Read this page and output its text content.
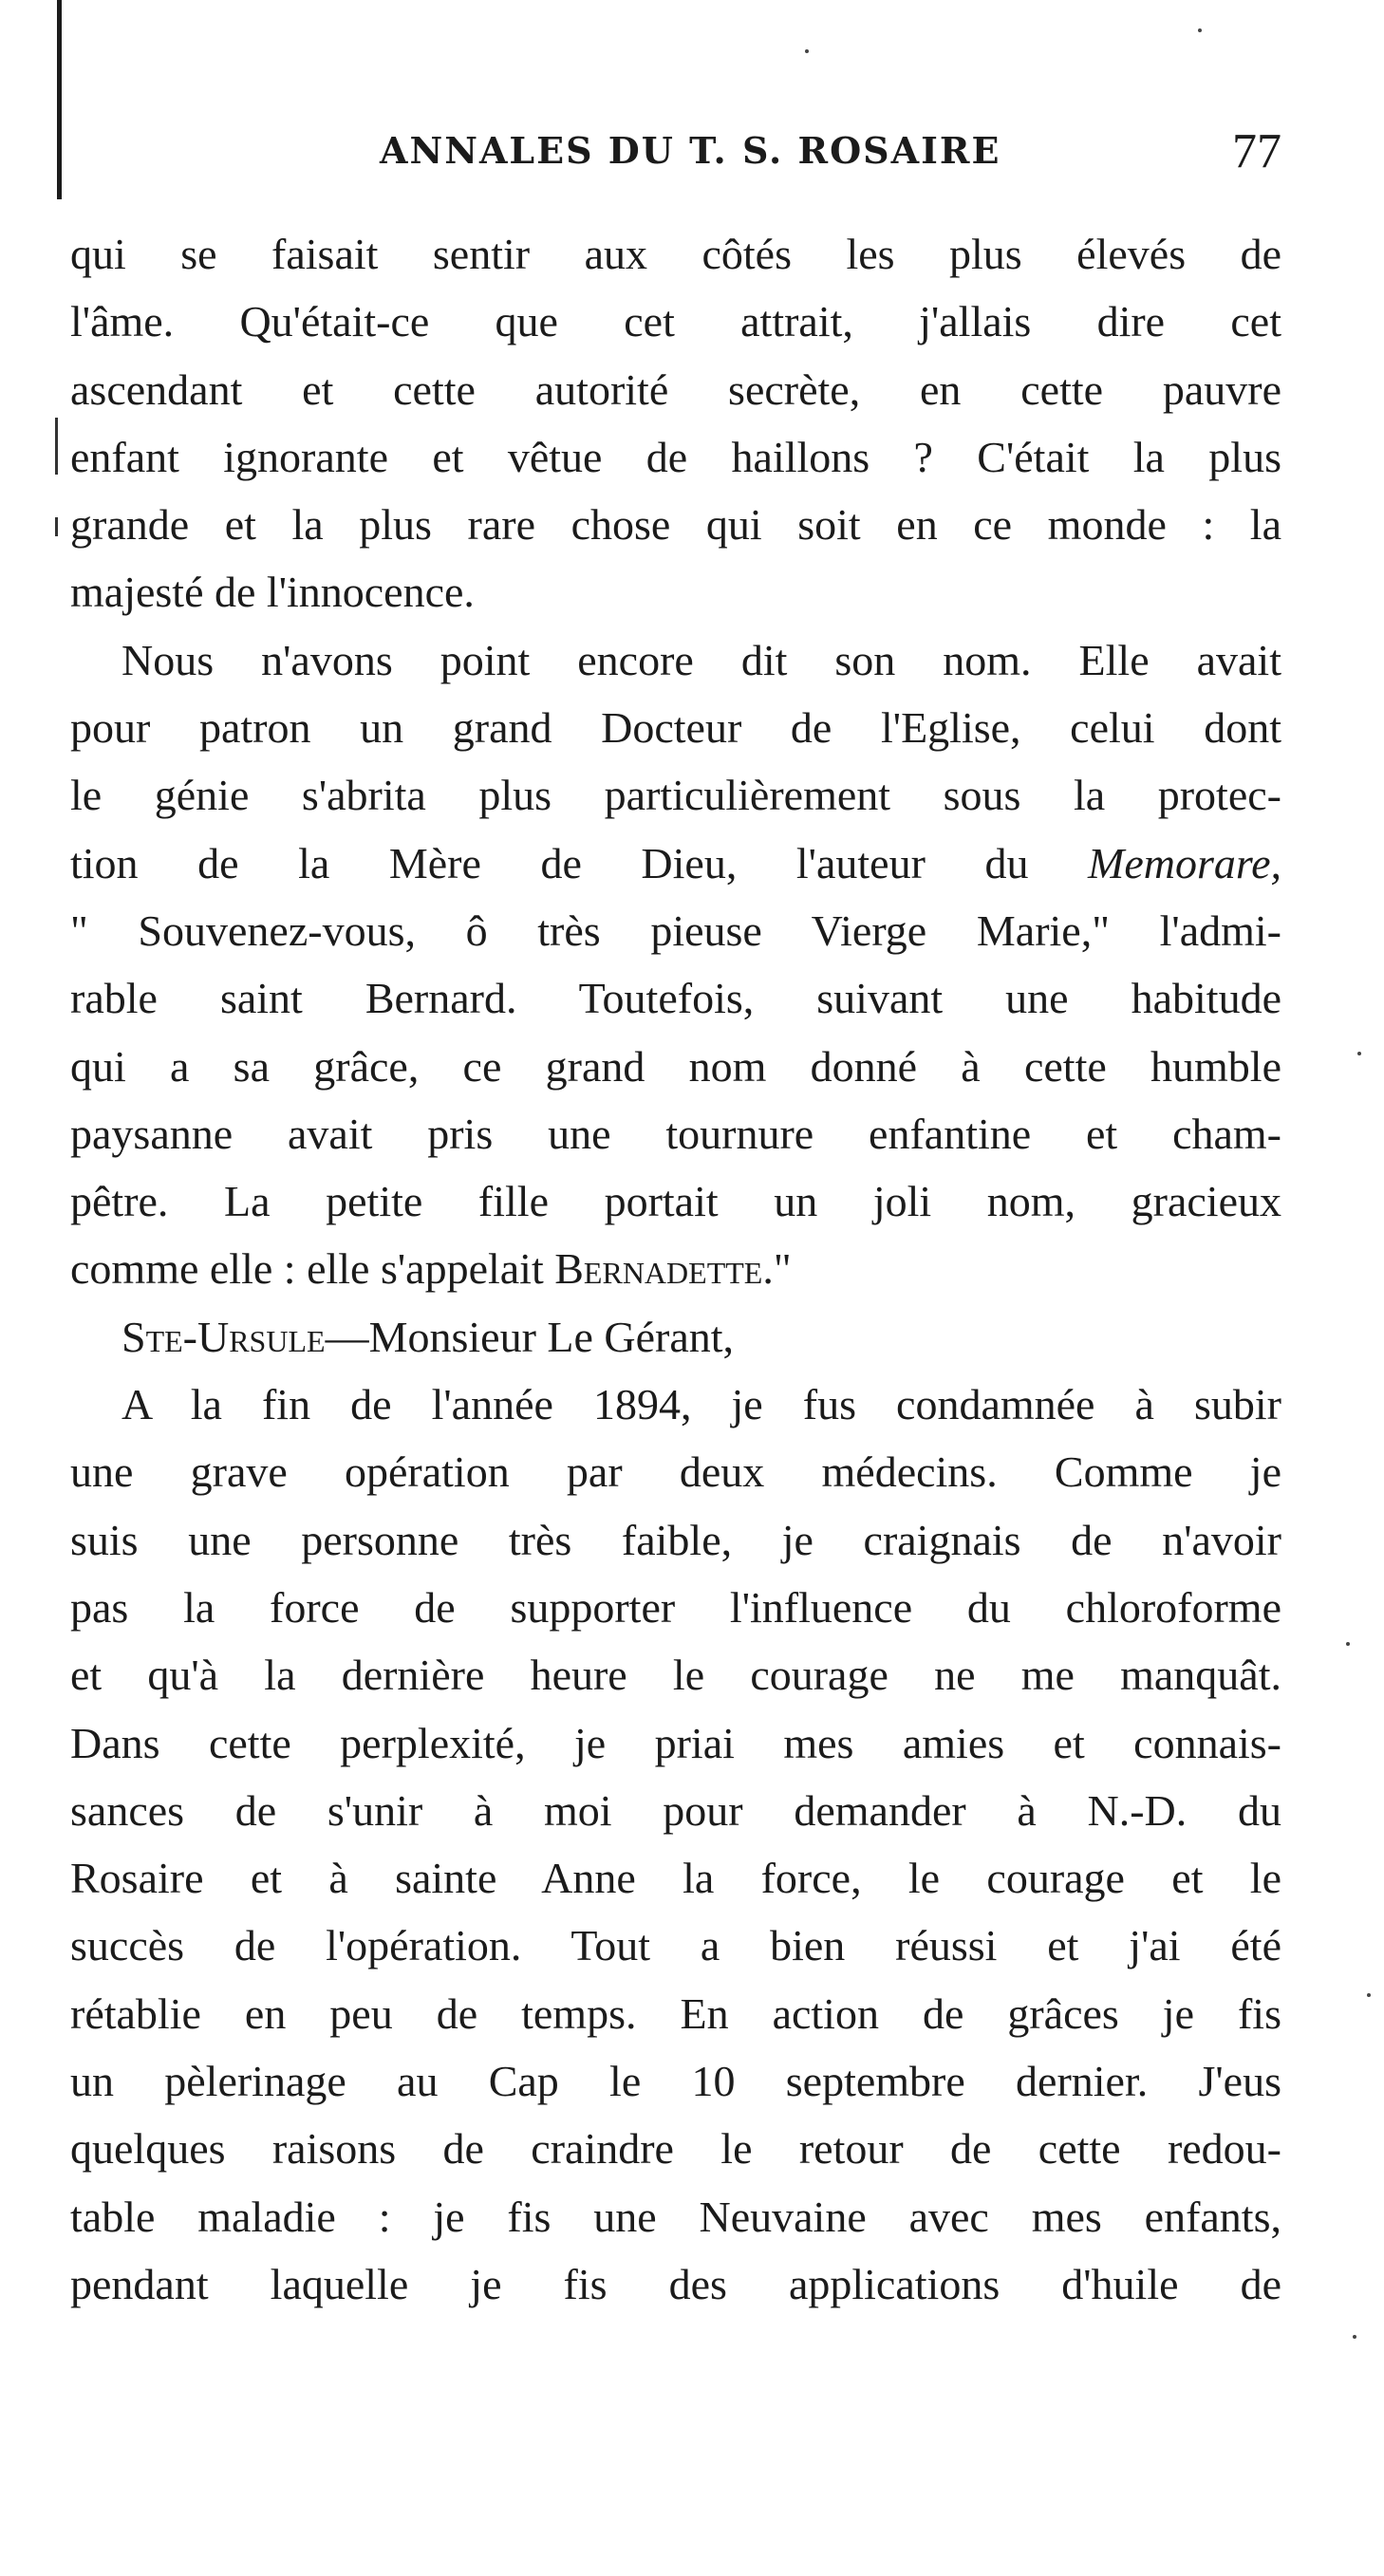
ANNALES DU T. S. ROSAIRE	77
qui se faisait sentir aux côtés les plus élevés de
l'âme. Qu'était-ce que cet attrait, j'allais dire cet
ascendant et cette autorité secrète, en cette pauvre
enfant ignorante et vêtue de haillons ? C'était la plus
grande et la plus rare chose qui soit en ce monde : la
majesté de l'innocence.
Nous n'avons point encore dit son nom. Elle avait
pour patron un grand Docteur de l'Eglise, celui dont
le génie s'abrita plus particulièrement sous la protec-
tion de la Mère de Dieu, l'auteur du Memorare,
" Souvenez-vous, ô très pieuse Vierge Marie," l'admi-
rable saint Bernard. Toutefois, suivant une habitude
qui a sa grâce, ce grand nom donné à cette humble
paysanne avait pris une tournure enfantine et cham-
pêtre. La petite fille portait un joli nom, gracieux
comme elle : elle s'appelait Bernadette."
Ste-Ursule—Monsieur Le Gérant,
A la fin de l'année 1894, je fus condamnée à subir
une grave opération par deux médecins. Comme je
suis une personne très faible, je craignais de n'avoir
pas la force de supporter l'influence du chloroforme
et qu'à la dernière heure le courage ne me manquât.
Dans cette perplexité, je priai mes amies et connais-
sances de s'unir à moi pour demander à N.-D. du
Rosaire et à sainte Anne la force, le courage et le
succès de l'opération. Tout a bien réussi et j'ai été
rétablie en peu de temps. En action de grâces je fis
un pèlerinage au Cap le 10 septembre dernier. J'eus
quelques raisons de craindre le retour de cette redou-
table maladie : je fis une Neuvaine avec mes enfants,
pendant laquelle je fis des applications d'huile de
